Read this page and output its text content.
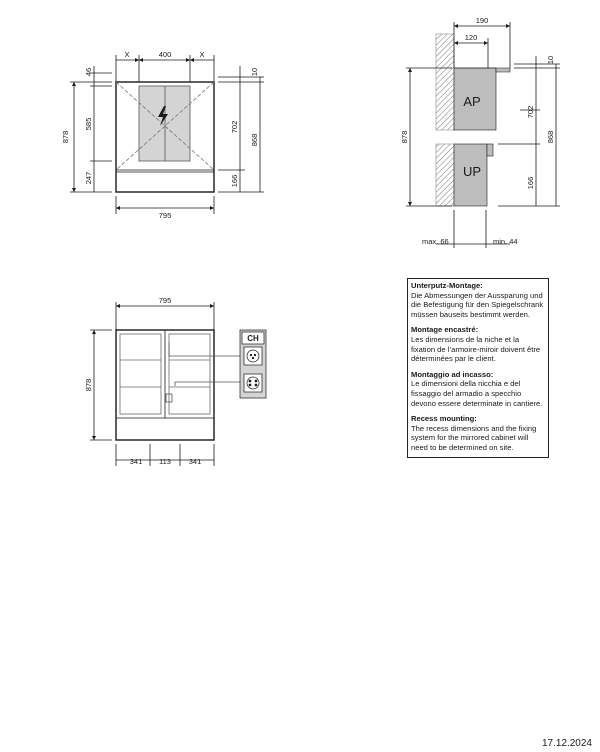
X	400	X
795
878
46
585
247
10
702
868
166
190
120
10
878
702
868
166
max. 66	min. 44
AP
UP
795
878
341 113 341
CH
Unterputz-Montage:
Die Abmessungen der Aussparung und die Befestigung für den Spiegelschrank müssen bauseits bestimmt werden.
Montage encastré:
Les dimensions de la niche et la fixation de l’armoire-miroir doivent être déterminées par le client.
Montaggio ad incasso:
Le dimensioni della nicchia e del fissaggio del armadio a specchio devono essere determinate in cantiere.
Recess mounting:
The recess dimensions and the fixing system for the mirrored cabinet will need to be determined on site.
17.12.2024
